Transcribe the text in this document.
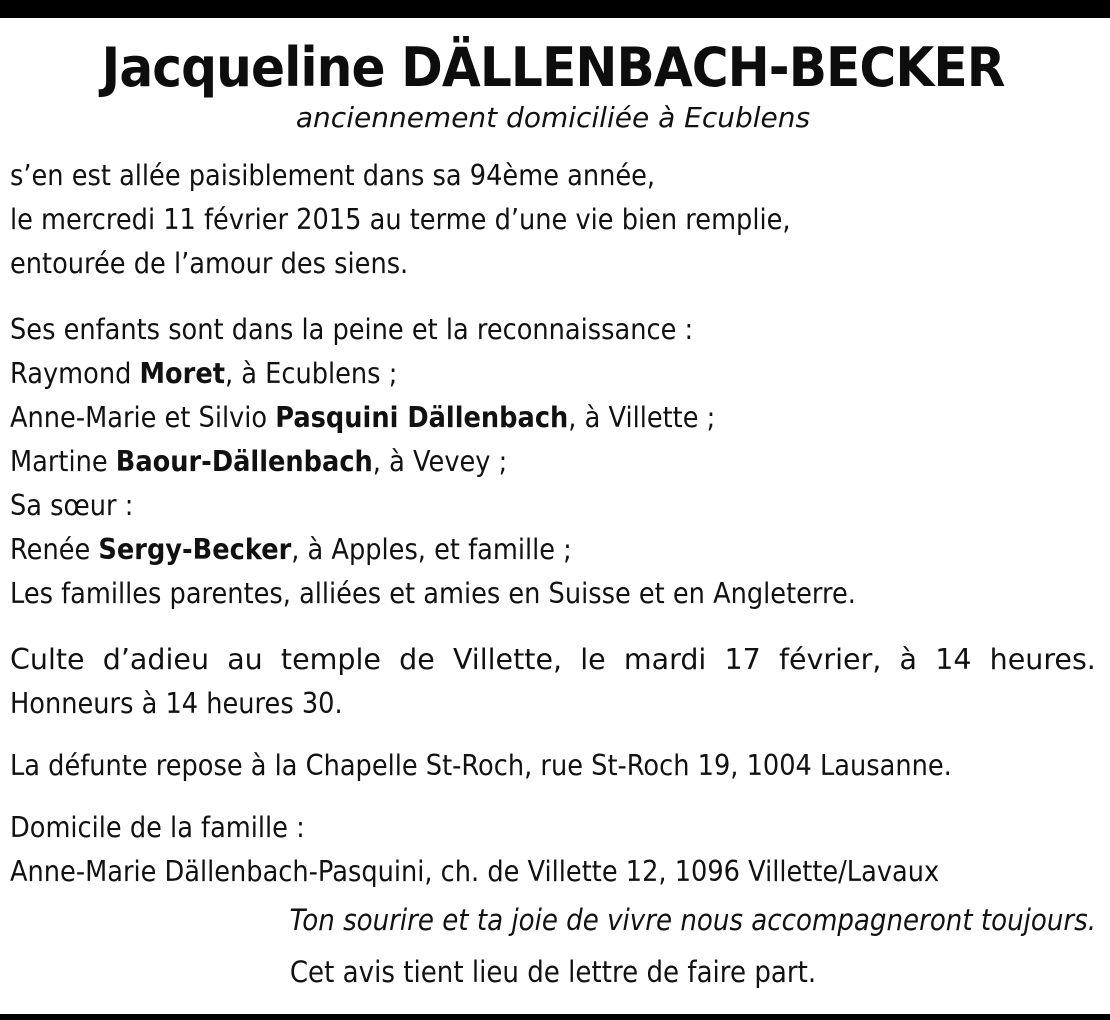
Jacqueline DÄLLENBACH-BECKER

anciennement domiciliée à Ecublens

s’en est allée paisiblement dans sa 94ème année,
le mercredi 11 février 2015 au terme d’une vie bien remplie,
entourée de l’amour des siens.
Ses enfants sont dans la peine et la reconnaissance :
Raymond Moret, à Ecublens ;
Anne-Marie et Silvio Pasquini Dällenbach, à Villette ;
Martine Baour-Dällenbach, à Vevey ;
Sa sœur :
Renée Sergy-Becker, à Apples, et famille ;
Les familles parentes, alliées et amies en Suisse et en Angleterre.
Culte d’adieu au temple de Villette, le mardi 17 février, à 14 heures.
Honneurs à 14 heures 30.
La défunte repose à la Chapelle St-Roch, rue St-Roch 19, 1004 Lausanne.
Domicile de la famille :
Anne-Marie Dällenbach-Pasquini, ch. de Villette 12, 1096 Villette/Lavaux
Ton sourire et ta joie de vivre nous accompagneront toujours.
Cet avis tient lieu de lettre de faire part.
